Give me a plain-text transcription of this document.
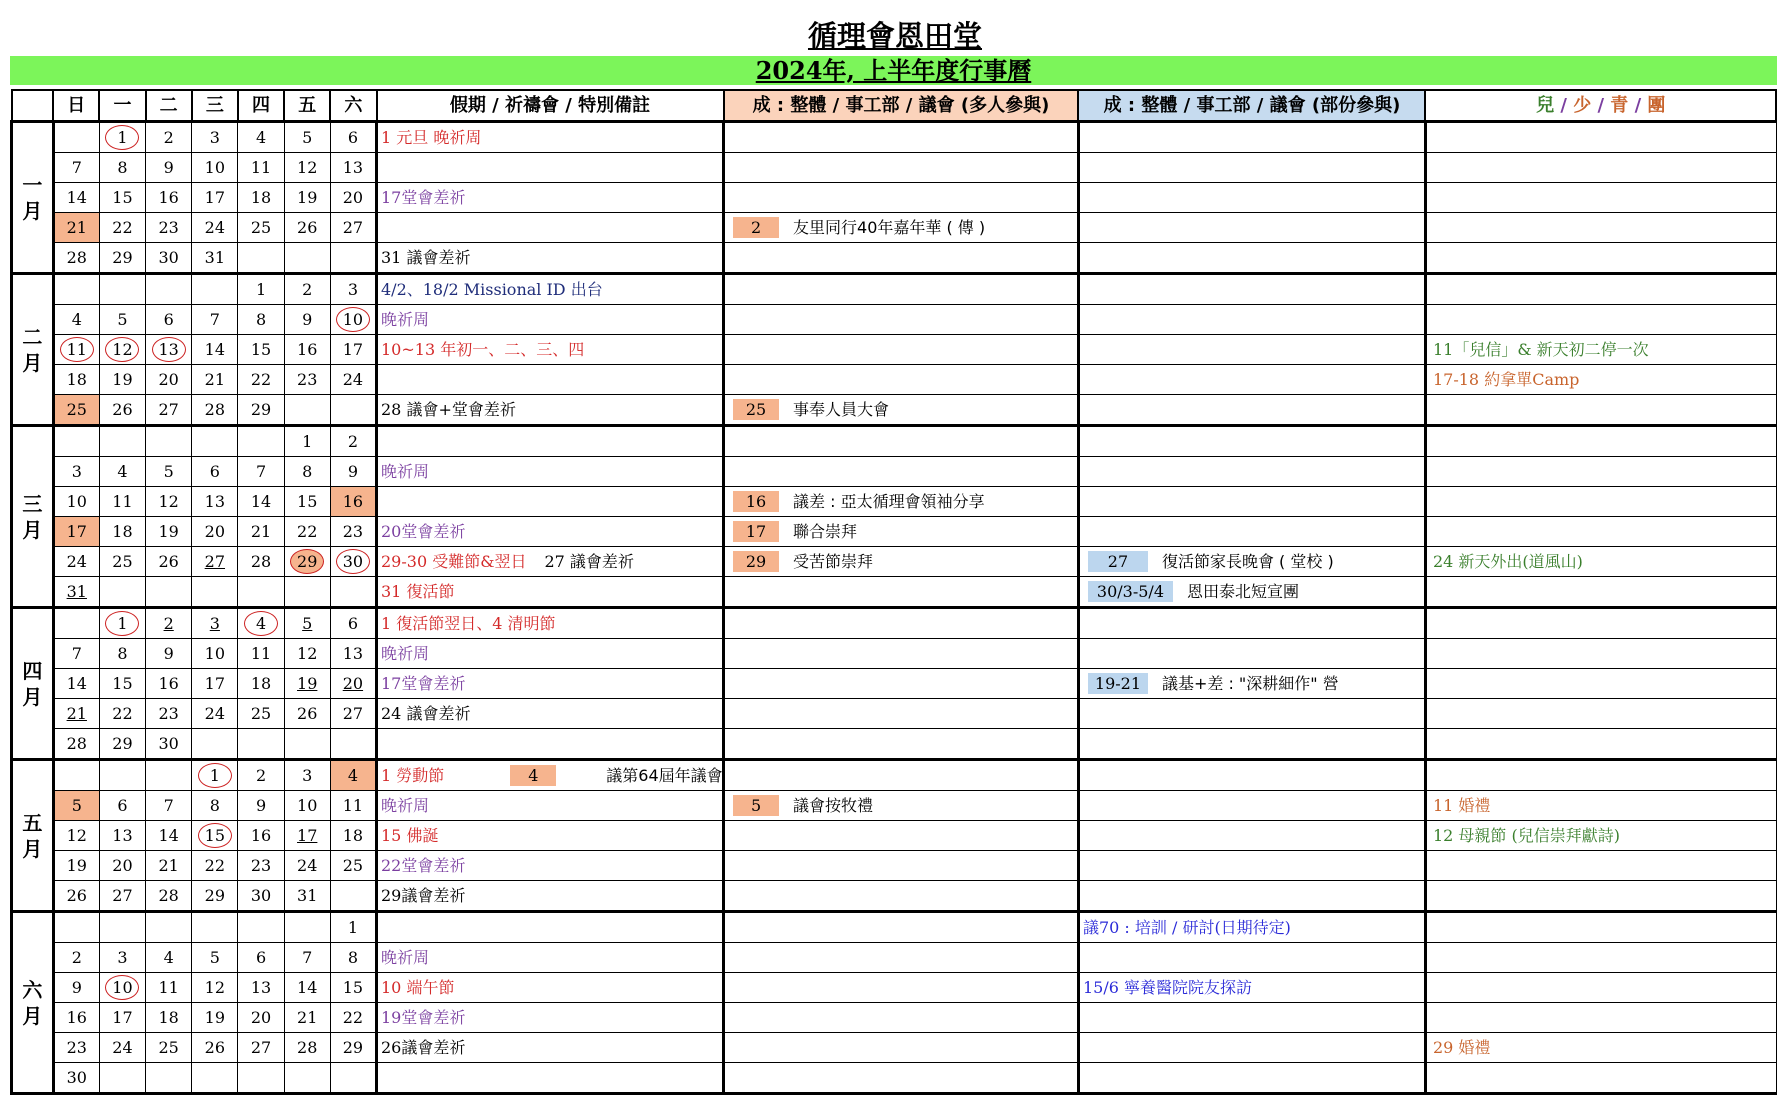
循理會恩田堂
2024年, 上半年度行事曆
	日	一	二	三	四	五	六	假期 / 祈禱會 / 特別備註	成 : 整體 / 事工部 / 議會 (多人參與)	成 : 整體 / 事工部 / 議會 (部份參與)	兒 / 少 / 青 / 團
一
月		1	2	3	4	5	6	1 元旦 晚祈周			
	7	8	9	10	11	12	13				
	14	15	16	17	18	19	20	17堂會差祈			
	21	22	23	24	25	26	27		2 友里同行40年嘉年華 ( 傳 )		
	28	29	30	31				31 議會差祈			
二
月					1	2	3	4/2、18/2 Missional ID 出台			
	4	5	6	7	8	9	10	晚祈周			
	11	12	13	14	15	16	17	10~13 年初一、二、三、四			11「兒信」& 新天初二停一次
	18	19	20	21	22	23	24				17-18 約拿單Camp
	25	26	27	28	29			28 議會+堂會差祈	25 事奉人員大會		
三
月						1	2				
	3	4	5	6	7	8	9	晚祈周			
	10	11	12	13	14	15	16		16 議差 : 亞太循理會領袖分享		
	17	18	19	20	21	22	23	20堂會差祈	17 聯合崇拜		
	24	25	26	27	28	29	30	29-30 受難節&翌日 27 議會差祈	29 受苦節崇拜	27 復活節家長晚會 ( 堂校 )	24 新天外出(道風山)
	31							31 復活節		30/3-5/4 恩田泰北短宣團	
四
月		1	2	3	4	5	6	1 復活節翌日、4 清明節			
	7	8	9	10	11	12	13	晚祈周			
	14	15	16	17	18	19	20	17堂會差祈		19-21 議基+差 : "深耕細作" 營	
	21	22	23	24	25	26	27	24 議會差祈			
	28	29	30								
五
月				1	2	3	4	1 勞動節 4 議第64屆年議會			
	5	6	7	8	9	10	11	晚祈周	5 議會按牧禮		11 婚禮
	12	13	14	15	16	17	18	15 佛誕			12 母親節 (兒信崇拜獻詩)
	19	20	21	22	23	24	25	22堂會差祈			
	26	27	28	29	30	31		29議會差祈			
六
月							1			議70 : 培訓 / 研討(日期待定)	
	2	3	4	5	6	7	8	晚祈周			
	9	10	11	12	13	14	15	10 端午節		15/6 寧養醫院院友探訪	
	16	17	18	19	20	21	22	19堂會差祈			
	23	24	25	26	27	28	29	26議會差祈			29 婚禮
	30										
